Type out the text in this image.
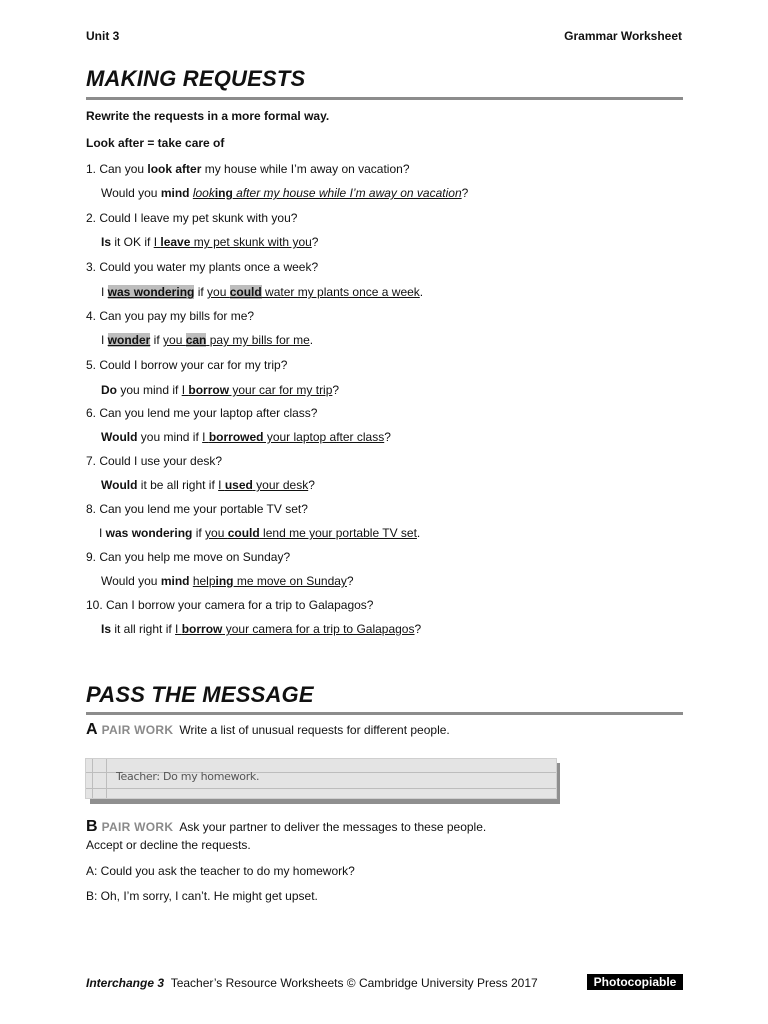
Unit 3	Grammar Worksheet
MAKING REQUESTS
Rewrite the requests in a more formal way.
Look after = take care of
1. Can you look after my house while I’m away on vacation?
Would you mind looking after my house while I’m away on vacation?
2. Could I leave my pet skunk with you?
Is it OK if I leave my pet skunk with you?
3. Could you water my plants once a week?
I was wondering if you could water my plants once a week.
4. Can you pay my bills for me?
I wonder if you can pay my bills for me.
5. Could I borrow your car for my trip?
Do you mind if I borrow your car for my trip?
6. Can you lend me your laptop after class?
Would you mind if I borrowed your laptop after class?
7. Could I use your desk?
Would it be all right if I used your desk?
8. Can you lend me your portable TV set?
I was wondering if you could lend me your portable TV set.
9. Can you help me move on Sunday?
Would you mind helping me move on Sunday?
10. Can I borrow your camera for a trip to Galapagos?
Is it all right if I borrow your camera for a trip to Galapagos?
PASS THE MESSAGE
A PAIR WORK Write a list of unusual requests for different people.
Teacher: Do my homework.
B PAIR WORK Ask your partner to deliver the messages to these people.
Accept or decline the requests.
A: Could you ask the teacher to do my homework?
B: Oh, I’m sorry, I can’t. He might get upset.
Interchange 3 Teacher’s Resource Worksheets © Cambridge University Press 2017	Photocopiable
